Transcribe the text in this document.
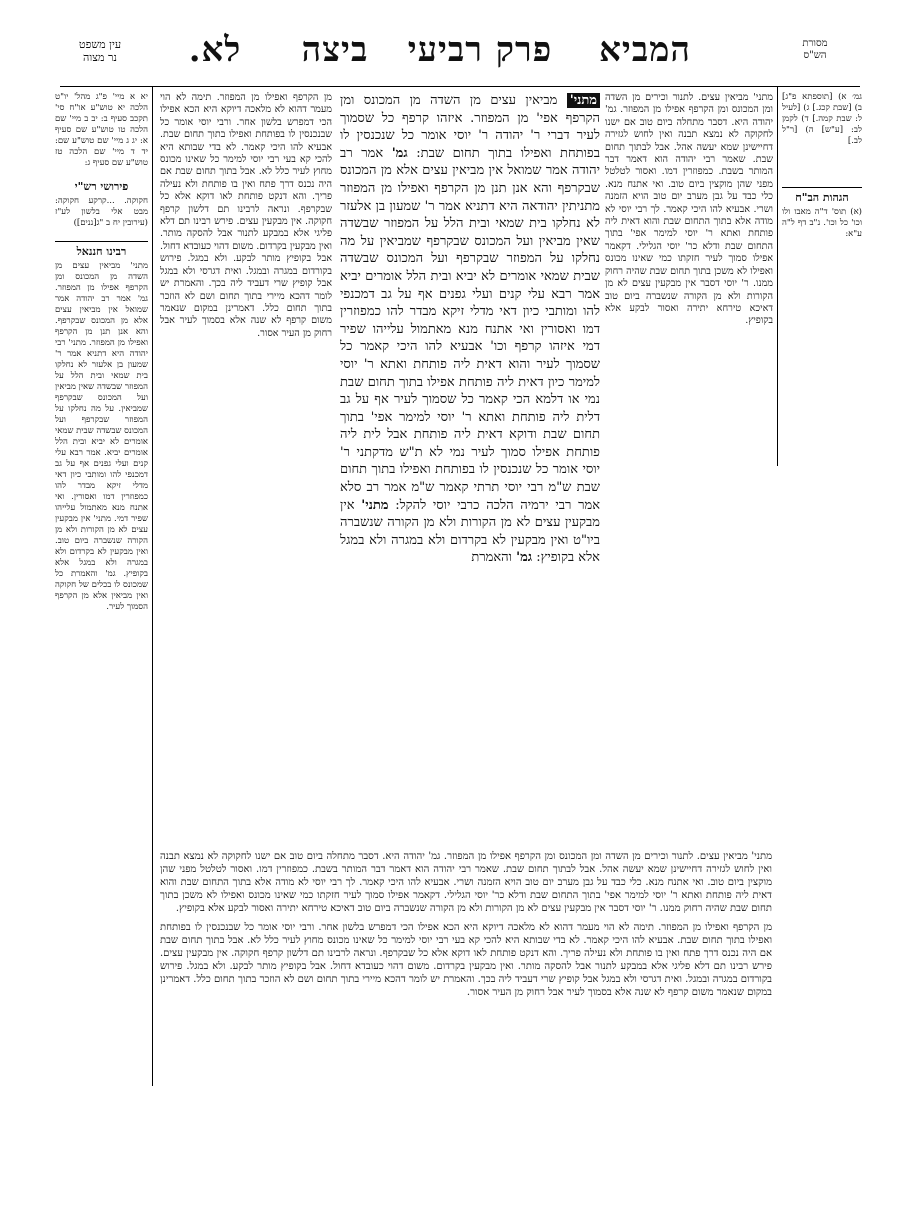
מסורת
הש"ס
המביא
פרק רביעי
ביצה
לא.
עין משפט
נר מצוה
גמ׳ א) [תוספתא פ"ג] ב) [שבת קכג.] ג) [לעיל ל: שבת קמה.] ד) לקמן לב: [ע"ש] ה) [ר"ל לב.]
הגהות הב"ח
(א) תוס' ד"ה מאבו ולו וכו' כל וכו'. נ"ב דף ל"ה ע"א:
יא א מיי' פ"ג מהל' יו"ט הלכה יא טוש"ע או"ח סי' תקכב סעיף ב: יב ב מיי' שם הלכה טו טוש"ע שם סעיף א: יג ג מיי' שם טוש"ע שם: יד ד מיי' שם הלכה טז טוש"ע שם סעיף ג:
פירושי רש"י
חקוקה. ...קרקע חקוקה: מבט אלי בלשון לע"ז (עירובין יח ב "ג[ננים])
רבינו חננאל
מתני' מביאין עצים מן השדה מן המכונס ומן הקרפף אפילו מן המפוזר. גמ' אמר רב יהודה אמר שמואל אין מביאין עצים אלא מן המכונס שבקרפף. והא אנן תנן מן הקרפף ואפילו מן המפוזר. מתני' רבי יהודה היא דתניא אמר ר' שמעון בן אלעזר לא נחלקו בית שמאי ובית הלל על המפוזר שבשדה שאין מביאין ועל המכונס שבקרפף שמביאין. על מה נחלקו על המפוזר שבקרפף ועל המכונס שבשדה שבית שמאי אומרים לא יביא ובית הלל אומרים יביא. אמר רבא עלי קנים ועלי גפנים אף על גב דמכנפי להו ומותבי כיון דאי מדלי זיקא מבדר להו כמפוזרין דמו ואסורין. ואי אתנח מנא מאתמול עלייהו שפיר דמי. מתני' אין מבקעין עצים לא מן הקורות ולא מן הקורה שנשברה ביום טוב. ואין מבקעין לא בקרדום ולא במגרה ולא במגל אלא בקופיץ. גמ' והאמרת כל שמכונס לו בכלים של חקוקה ואין מביאין אלא מן הקרפף הסמוך לעיר.
מתני' מביאין עצים. לתנור וכירים מן השדה ומן המכונס ומן הקרפף אפילו מן המפוזר. גמ' יהודה היא. דסבר מתחלה ביום טוב אם ישנו לחקוקה לא נמצא תבנה ואין לחוש לגזירה דחיישינן שמא יעשה אהל. אבל לבתוך תחום שבת. שאמר רבי יהודה הוא דאמר דבר המותר בשבת. כמפוזרין דמו. ואסור לטלטל מפני שהן מוקצין ביום טוב. ואי אתנח מנא. כלי כבד על גבן מערב יום טוב הויא הזמנה ושרי. אבעיא להו היכי קאמר. לך רבי יוסי לא מודה אלא בתוך התחום שבת והוא דאית ליה פותחת ואתא ר' יוסי למימר אפי' בתוך התחום שבת ודלא כר' יוסי הגלילי. דקאמר אפילו סמוך לעיר חזקתו כמי שאינו מכונס ואפילו לא משכן בתוך תחום שבת שהיה רחוק ממנו. ר' יוסי דסבר אין מבקעין עצים לא מן הקורות ולא מן הקורה שנשברה ביום טוב דאיכא טירחא יתירה ואסור לבקע אלא בקופיץ.
מן הקרפף ואפילו מן המפוזר. תימה לא הוי מעמר דהוא לא מלאכה דיוקא היא הכא אפילו הכי דמפרש בלשון אחר. ורבי יוסי אומר כל שבנכנסין לו בפותחת ואפילו בתוך תחום שבת. אבעיא להו היכי קאמר. לא בדי שבותא היא להכי קא בעי רבי יוסי למימר כל שאינו מכונס מחוץ לעיר כלל לא. אבל בתוך תחום שבת אם היה נכנס דרך פתח ואין בו פותחת ולא נעילה פריך. והא דנקט פותחת לאו דוקא אלא כל שבקרפף. ונראה לרבינו תם דלשון קרפף חקוקה. אין מבקעין עצים. פירש רבינו תם דלא פליגי אלא במבקע לתנור אבל להסקה מותר. ואין מבקעין בקרדום. משום דהוי כעובדא דחול. אבל בקופיץ מותר לבקע. ולא במגל. פירוש בקורדום במגרה ובמגל. ואית דגרסי ולא במגל אבל קופיץ שרי דעביד ליה בכך. והאמרת יש לומר דהכא מיירי בתוך תחום ושם לא הוזכר בתוך תחום כלל. דאמרינן במקום שנאמר משום קרפף לא שנה אלא בסמוך לעיר אבל רחוק מן העיר אסור.
מתני' מביאין עצים מן השדה מן המכונס ומן הקרפף אפי' מן המפוזר. איזהו קרפף כל שסמוך לעיר דברי ר' יהודה ר' יוסי אומר כל שנכנסין לו בפותחת ואפילו בתוך תחום שבת: גמ' אמר רב יהודה אמר שמואל אין מביאין עצים אלא מן המכונס שבקרפף והא אנן תנן מן הקרפף ואפילו מן המפוזר מתניתין יהודאה היא דתניא אמר ר' שמעון בן אלעזר לא נחלקו בית שמאי ובית הלל על המפוזר שבשדה שאין מביאין ועל המכונס שבקרפף שמביאין על מה נחלקו על המפוזר שבקרפף ועל המכונס שבשדה שבית שמאי אומרים לא יביא ובית הלל אומרים יביא אמר רבא עלי קנים ועלי גפנים אף על גב דמכנפי להו ומותבי כיון דאי מדלי זיקא מבדר להו כמפוזרין דמו ואסורין ואי אתנח מנא מאתמול עלייהו שפיר דמי איזהו קרפף וכו' אבעיא להו היכי קאמר כל שסמוך לעיר והוא דאית ליה פותחת ואתא ר' יוסי למימר כיון דאית ליה פותחת אפילו בתוך תחום שבת נמי או דלמא הכי קאמר כל שסמוך לעיר אף על גב דלית ליה פותחת ואתא ר' יוסי למימר אפי' בתוך תחום שבת ודוקא דאית ליה פותחת אבל לית ליה פותחת אפילו סמוך לעיר נמי לא ת"ש מדקתני ר' יוסי אומר כל שנכנסין לו בפותחת ואפילו בתוך תחום שבת ש"מ רבי יוסי תרתי קאמר ש"מ אמר רב סלא אמר רבי ירמיה הלכה כרבי יוסי להקל: מתני' אין מבקעין עצים לא מן הקורות ולא מן הקורה שנשברה ביו"ט ואין מבקעין לא בקרדום ולא במגרה ולא במגל אלא בקופיץ: גמ' והאמרת
מתני' מביאין עצים. לתנור וכירים מן השדה ומן המכונס ומן הקרפף אפילו מן המפוזר. גמ' יהודה היא. דסבר מתחלה ביום טוב אם ישנו לחקוקה לא נמצא תבנה ואין לחוש לגזירה דחיישינן שמא יעשה אהל. אבל לבתוך תחום שבת. שאמר רבי יהודה הוא דאמר דבר המותר בשבת. כמפוזרין דמו. ואסור לטלטל מפני שהן מוקצין ביום טוב. ואי אתנח מנא. כלי כבד על גבן מערב יום טוב הויא הזמנה ושרי. אבעיא להו היכי קאמר. לך רבי יוסי לא מודה אלא בתוך התחום שבת והוא דאית ליה פותחת ואתא ר' יוסי למימר אפי' בתוך התחום שבת ודלא כר' יוסי הגלילי. דקאמר אפילו סמוך לעיר חזקתו כמי שאינו מכונס ואפילו לא משכן בתוך תחום שבת שהיה רחוק ממנו. ר' יוסי דסבר אין מבקעין עצים לא מן הקורות ולא מן הקורה שנשברה ביום טוב דאיכא טירחא יתירה ואסור לבקע אלא בקופיץ.
מן הקרפף ואפילו מן המפוזר. תימה לא הוי מעמר דהוא לא מלאכה דיוקא היא הכא אפילו הכי דמפרש בלשון אחר. ורבי יוסי אומר כל שבנכנסין לו בפותחת ואפילו בתוך תחום שבת. אבעיא להו היכי קאמר. לא בדי שבותא היא להכי קא בעי רבי יוסי למימר כל שאינו מכונס מחוץ לעיר כלל לא. אבל בתוך תחום שבת אם היה נכנס דרך פתח ואין בו פותחת ולא נעילה פריך. והא דנקט פותחת לאו דוקא אלא כל שבקרפף. ונראה לרבינו תם דלשון קרפף חקוקה. אין מבקעין עצים. פירש רבינו תם דלא פליגי אלא במבקע לתנור אבל להסקה מותר. ואין מבקעין בקרדום. משום דהוי כעובדא דחול. אבל בקופיץ מותר לבקע. ולא במגל. פירוש בקורדום במגרה ובמגל. ואית דגרסי ולא במגל אבל קופיץ שרי דעביד ליה בכך. והאמרת יש לומר דהכא מיירי בתוך תחום ושם לא הוזכר בתוך תחום כלל. דאמרינן במקום שנאמר משום קרפף לא שנה אלא בסמוך לעיר אבל רחוק מן העיר אסור.
